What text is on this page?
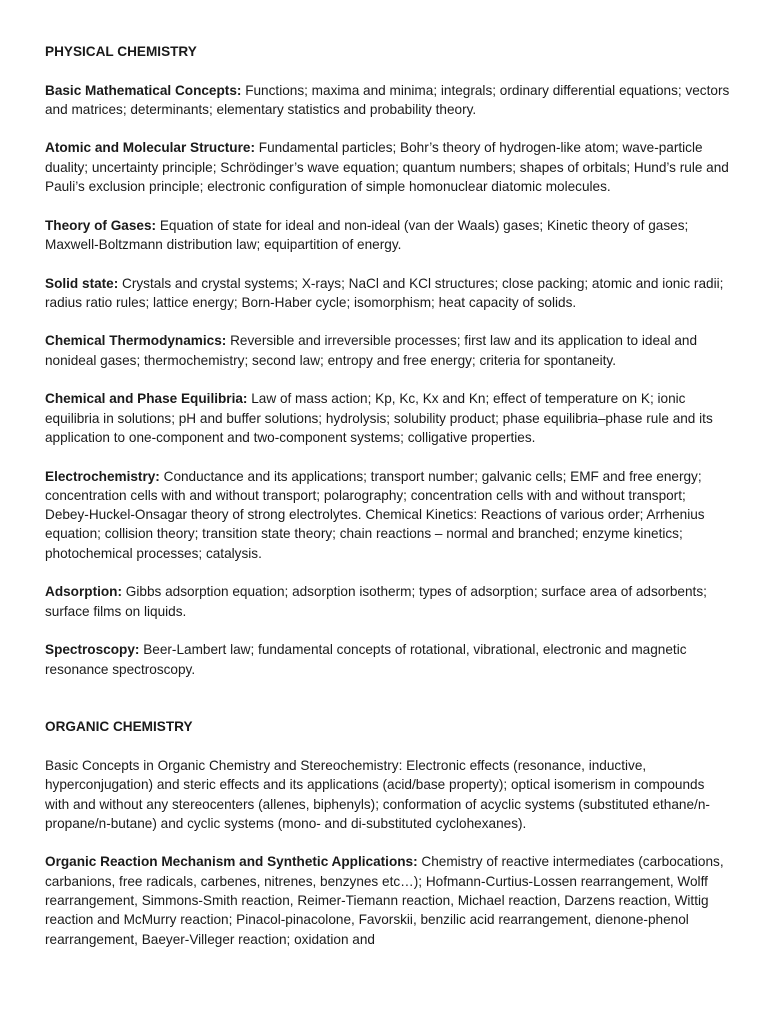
PHYSICAL CHEMISTRY

Basic Mathematical Concepts: Functions; maxima and minima; integrals; ordinary differential equations; vectors and matrices; determinants; elementary statistics and probability theory.

Atomic and Molecular Structure: Fundamental particles; Bohr’s theory of hydrogen-like atom; wave-particle duality; uncertainty principle; Schrödinger’s wave equation; quantum numbers; shapes of orbitals; Hund’s rule and Pauli’s exclusion principle; electronic configuration of simple homonuclear diatomic molecules.

Theory of Gases: Equation of state for ideal and non-ideal (van der Waals) gases; Kinetic theory of gases; Maxwell-Boltzmann distribution law; equipartition of energy.

Solid state: Crystals and crystal systems; X-rays; NaCl and KCl structures; close packing; atomic and ionic radii; radius ratio rules; lattice energy; Born-Haber cycle; isomorphism; heat capacity of solids.

Chemical Thermodynamics: Reversible and irreversible processes; first law and its application to ideal and nonideal gases; thermochemistry; second law; entropy and free energy; criteria for spontaneity.

Chemical and Phase Equilibria: Law of mass action; Kp, Kc, Kx and Kn; effect of temperature on K; ionic equilibria in solutions; pH and buffer solutions; hydrolysis; solubility product; phase equilibria–phase rule and its application to one-component and two-component systems; colligative properties.

Electrochemistry: Conductance and its applications; transport number; galvanic cells; EMF and free energy; concentration cells with and without transport; polarography; concentration cells with and without transport; Debey-Huckel-Onsagar theory of strong electrolytes. Chemical Kinetics: Reactions of various order; Arrhenius equation; collision theory; transition state theory; chain reactions – normal and branched; enzyme kinetics; photochemical processes; catalysis.

Adsorption: Gibbs adsorption equation; adsorption isotherm; types of adsorption; surface area of adsorbents; surface films on liquids.

Spectroscopy: Beer-Lambert law; fundamental concepts of rotational, vibrational, electronic and magnetic resonance spectroscopy.

ORGANIC CHEMISTRY

Basic Concepts in Organic Chemistry and Stereochemistry: Electronic effects (resonance, inductive, hyperconjugation) and steric effects and its applications (acid/base property); optical isomerism in compounds with and without any stereocenters (allenes, biphenyls); conformation of acyclic systems (substituted ethane/n-propane/n-butane) and cyclic systems (mono- and di-substituted cyclohexanes).

Organic Reaction Mechanism and Synthetic Applications: Chemistry of reactive intermediates (carbocations, carbanions, free radicals, carbenes, nitrenes, benzynes etc…); Hofmann-Curtius-Lossen rearrangement, Wolff rearrangement, Simmons-Smith reaction, Reimer-Tiemann reaction, Michael reaction, Darzens reaction, Wittig reaction and McMurry reaction; Pinacol-pinacolone, Favorskii, benzilic acid rearrangement, dienone-phenol rearrangement, Baeyer-Villeger reaction; oxidation and
